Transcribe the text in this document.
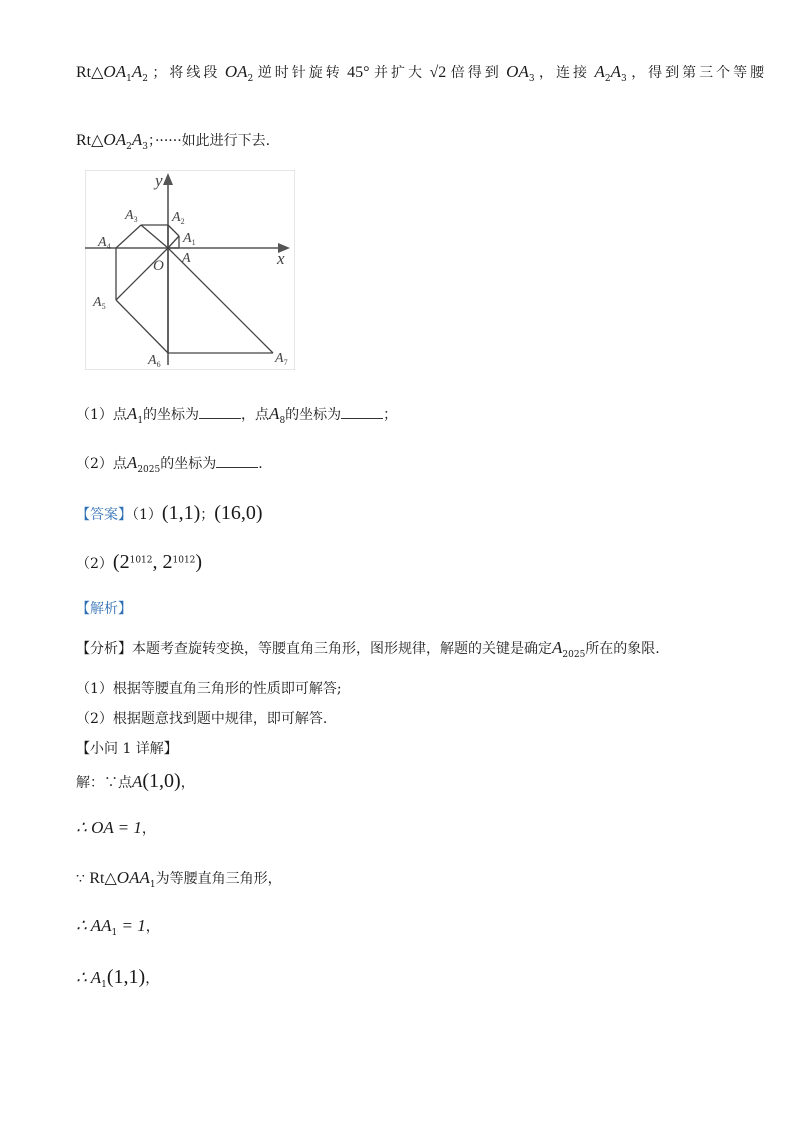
$Rt\triangle OA_1A_2$ ；将线段 $OA_2$ 逆时针旋转 45° 并扩大 √2 倍得到 $OA_3$ ，连接 $A_2A_3$ ，得到第三个等腰
$Rt\triangle OA_2A_3$；······如此进行下去.
y
x
O A
$A_1$
$A_2$
$A_3$
$A_4$
$A_5$
$A_6$	$A_7$
（1）点$A_1$的坐标为	，点$A_8$的坐标为	；
（2）点$A_{2025}$的坐标为	.
【答案】（1）(1,1)；(16,0)
$(2)(2^{1012}$, $2^{1012}$)
【解析】
【分析】本题考查旋转变换，等腰直角三角形，图形规律，解题的关键是确定$A_{2025}$所在的象限.
（1）根据等腰直角三角形的性质即可解答;
（2）根据题意找到题中规律，即可解答.
【小问 1 详解】
解：∵点A(1,0)，
∴ OA = 1，
∵ $Rt\triangle OAA_1$为等腰直角三角形，
∴ $AA_1 = 1$，
∴ $A_1(1,1)$，
